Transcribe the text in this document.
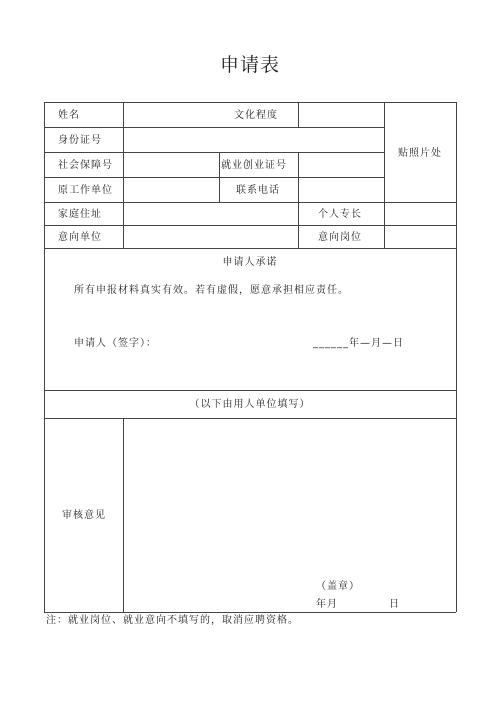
申请表
姓名	文化程度
贴照片处
身份证号
社会保障号	就业创业证号
原工作单位	联系电话
家庭住址	个人专长
意向单位	意向岗位
申请人承诺
所有申报材料真实有效。若有虚假，愿意承担相应责任。
申请人（签字）：	______年—月—日
（以下由用人单位填写）
审核意见
（盖章）
年月	日
注：就业岗位、就业意向不填写的，取消应聘资格。
